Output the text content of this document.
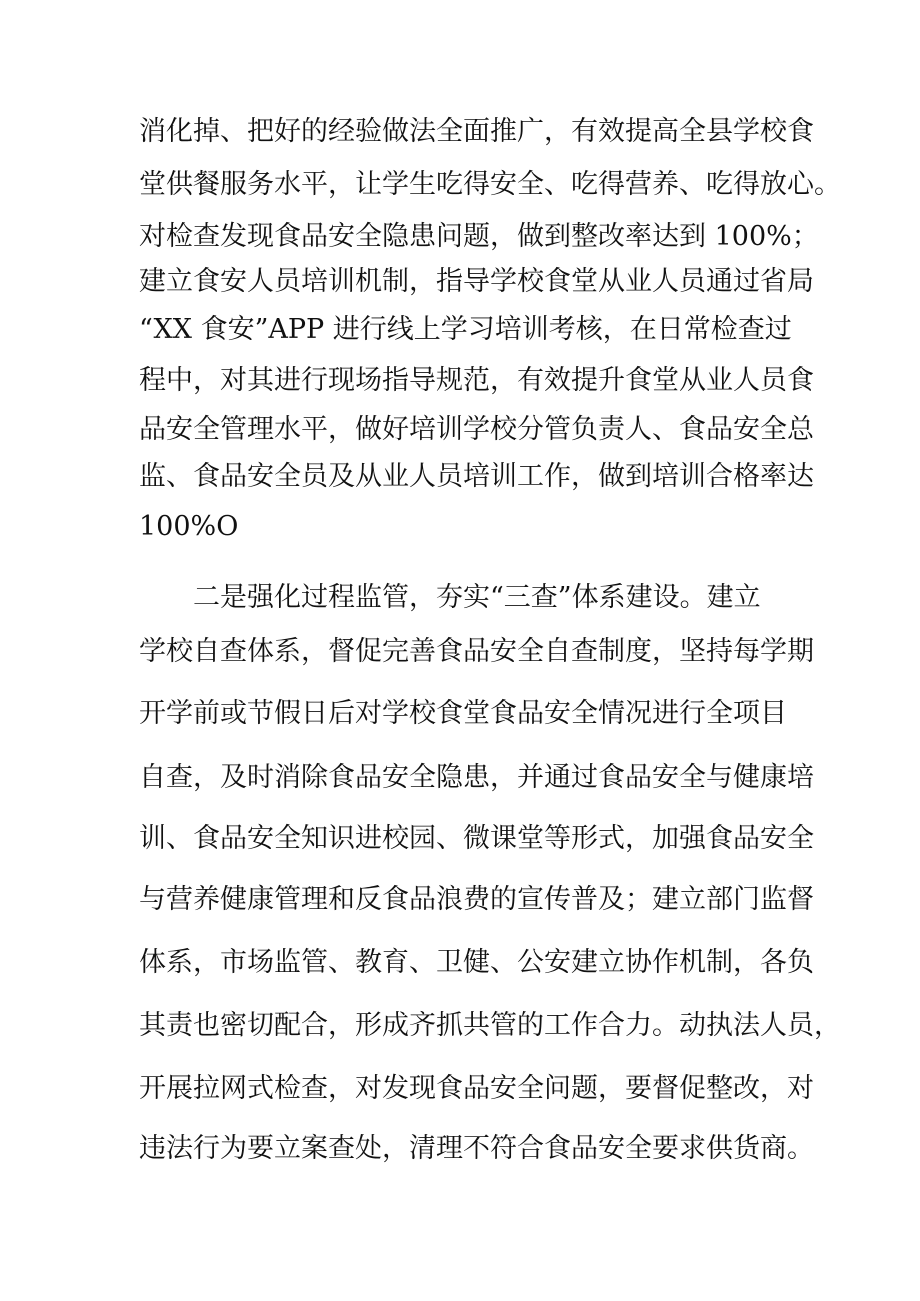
消化掉、把好的经验做法全面推广，有效提高全县学校食
堂供餐服务水平，让学生吃得安全、吃得营养、吃得放心。
对检查发现食品安全隐患问题，做到整改率达到 100%；
建立食安人员培训机制，指导学校食堂从业人员通过省局
“XX 食安”APP 进行线上学习培训考核，在日常检查过
程中，对其进行现场指导规范，有效提升食堂从业人员食
品安全管理水平，做好培训学校分管负责人、食品安全总
监、食品安全员及从业人员培训工作，做到培训合格率达
100%O
二是强化过程监管，夯实“三查”体系建设。建立
学校自查体系，督促完善食品安全自查制度，坚持每学期
开学前或节假日后对学校食堂食品安全情况进行全项目
自查，及时消除食品安全隐患，并通过食品安全与健康培
训、食品安全知识进校园、微课堂等形式，加强食品安全
与营养健康管理和反食品浪费的宣传普及；建立部门监督
体系，市场监管、教育、卫健、公安建立协作机制，各负
其责也密切配合，形成齐抓共管的工作合力。动执法人员，
开展拉网式检查，对发现食品安全问题，要督促整改，对
违法行为要立案查处，清理不符合食品安全要求供货商。
